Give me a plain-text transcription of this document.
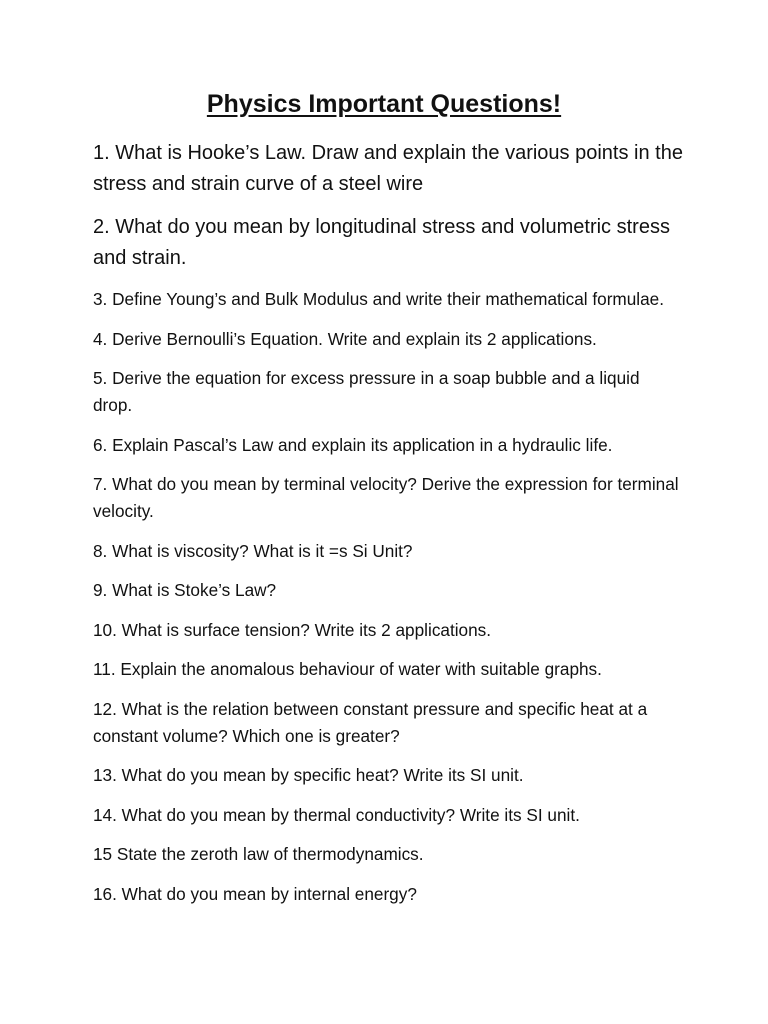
Physics Important Questions!
1. What is Hooke’s Law. Draw and explain the various points in the stress and strain curve of a steel wire
2. What do you mean by longitudinal stress and volumetric stress and strain.
3. Define Young’s and Bulk Modulus and write their mathematical formulae.
4. Derive Bernoulli’s Equation. Write and explain its 2 applications.
5. Derive the equation for excess pressure in a soap bubble and a liquid drop.
6. Explain Pascal’s Law and explain its application in a hydraulic life.
7. What do you mean by terminal velocity? Derive the expression for terminal velocity.
8. What is viscosity? What is it =s Si Unit?
9. What is Stoke’s Law?
10. What is surface tension? Write its 2 applications.
11. Explain the anomalous behaviour of water with suitable graphs.
12. What is the relation between constant pressure and specific heat at a constant volume? Which one is greater?
13. What do you mean by specific heat? Write its SI unit.
14. What do you mean by thermal conductivity? Write its SI unit.
15 State the zeroth law of thermodynamics.
16. What do you mean by internal energy?
